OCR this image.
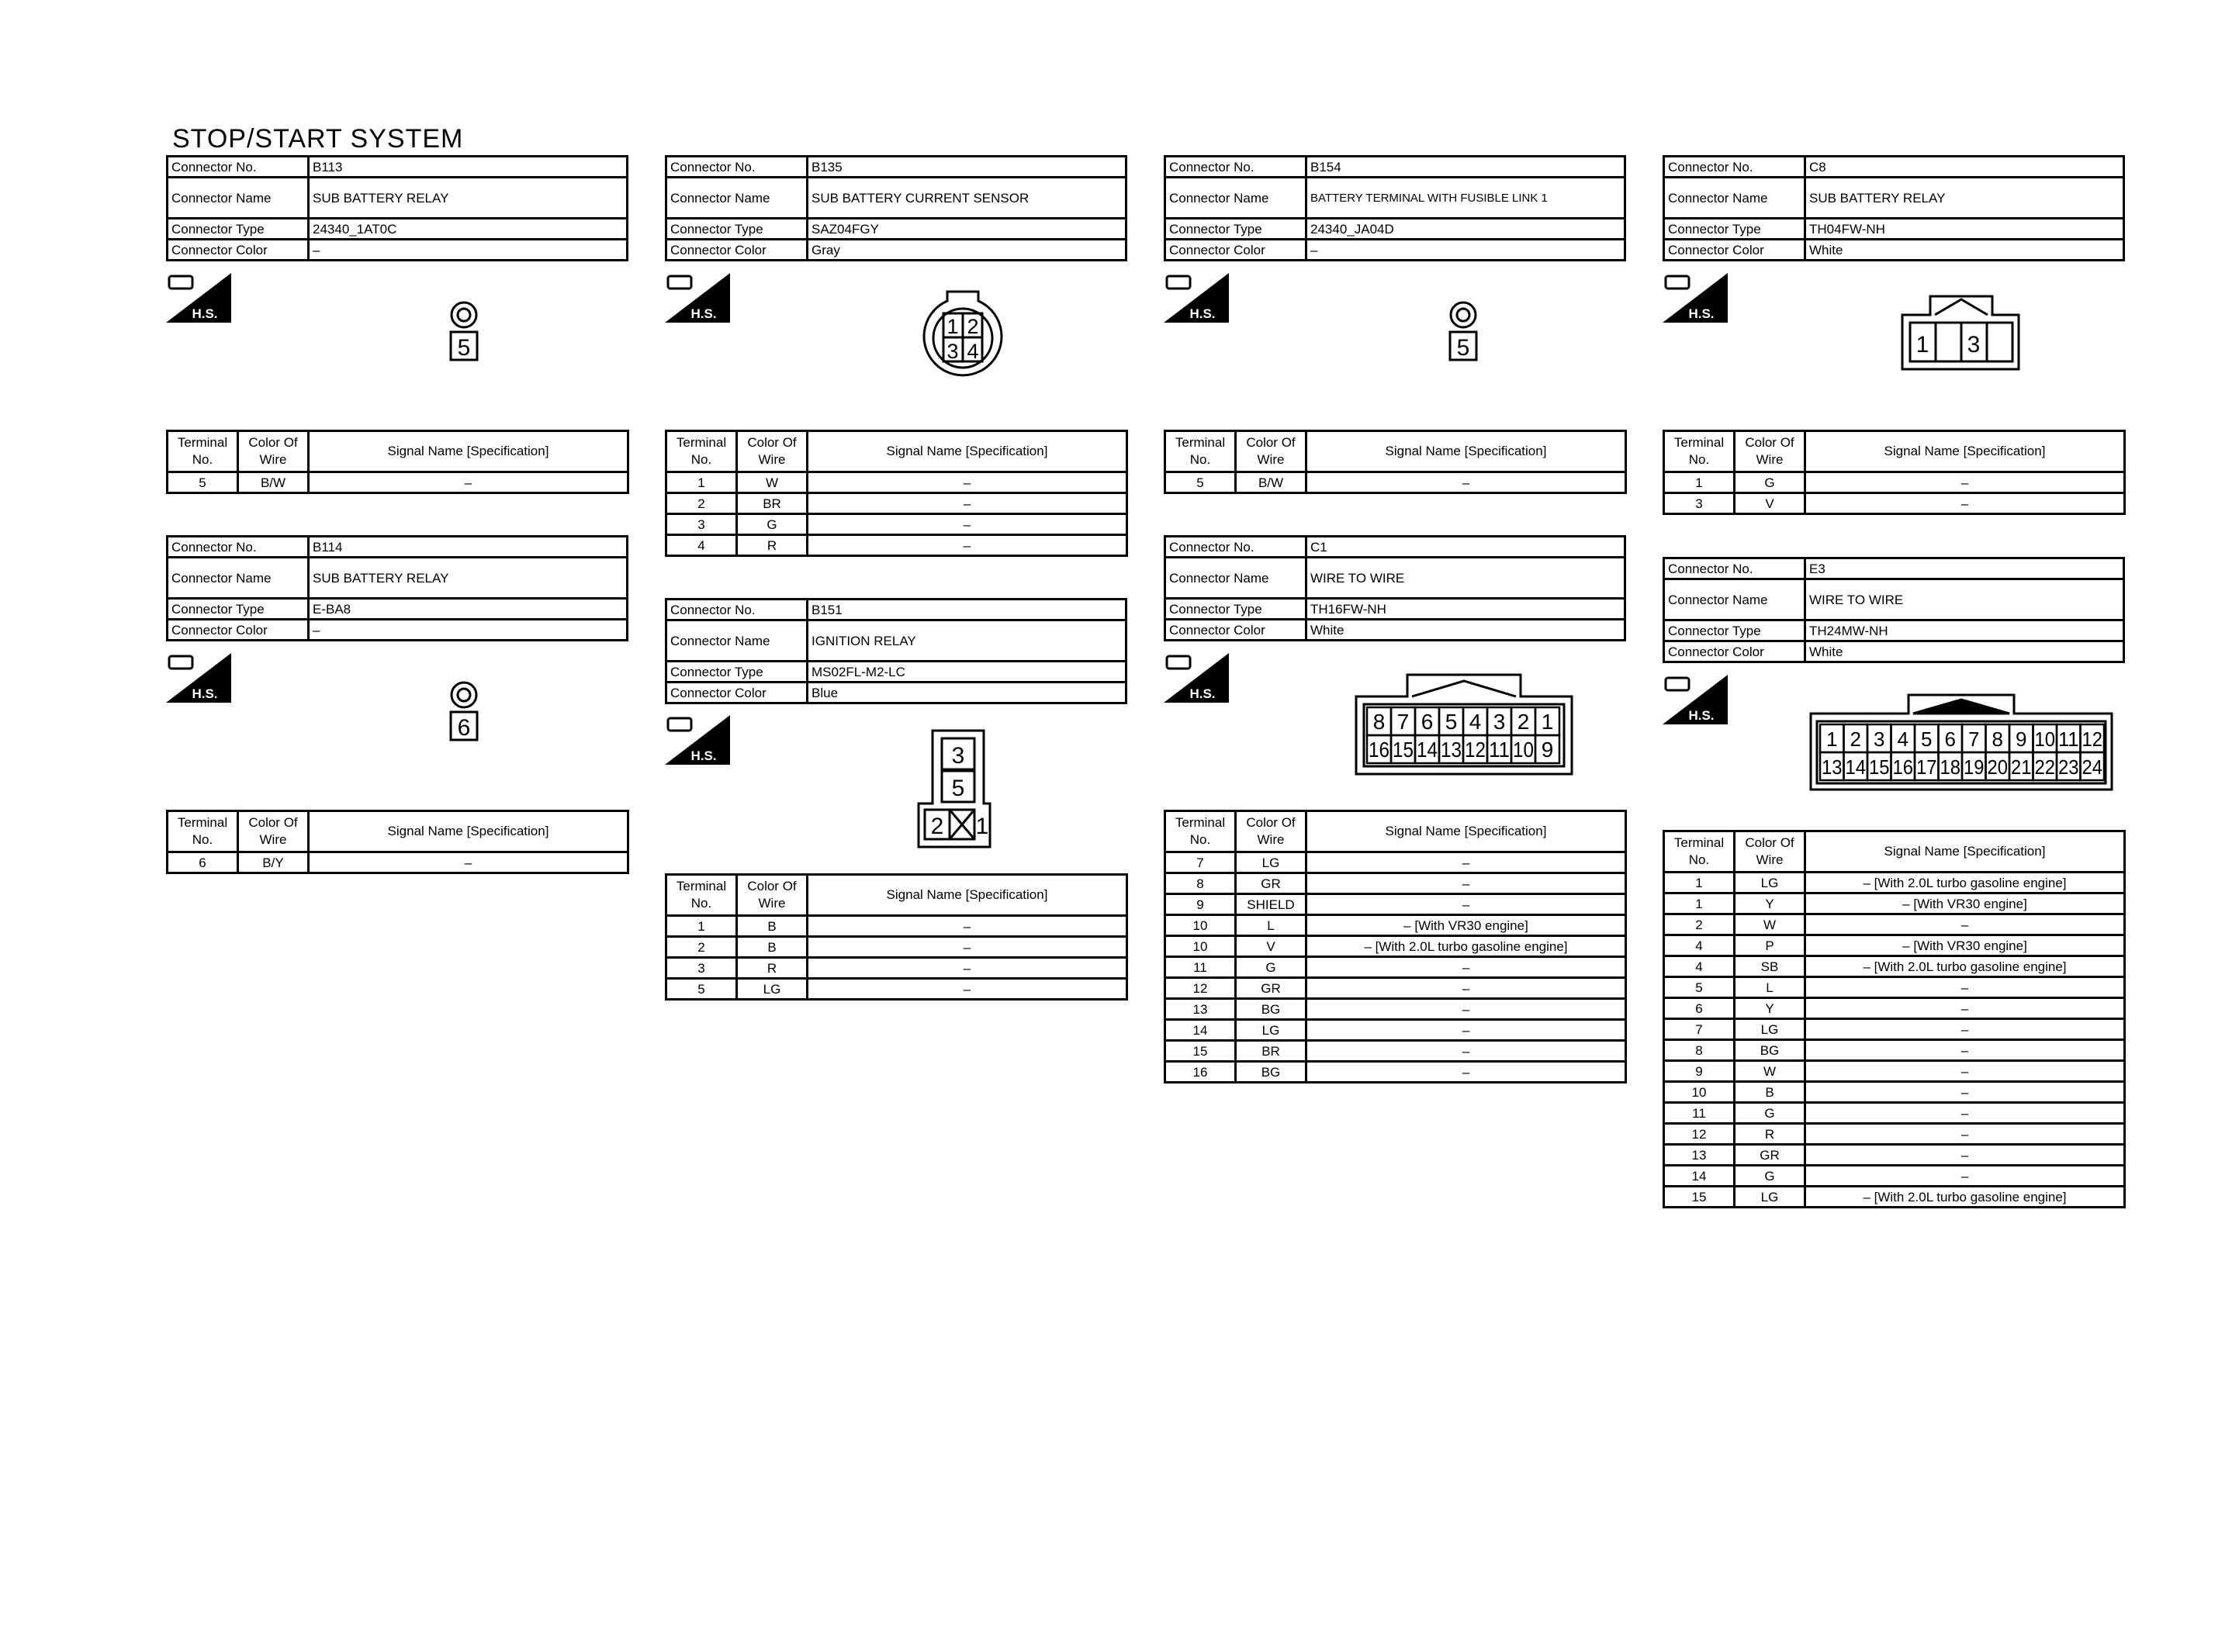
STOP/START SYSTEM
Connector No.	B113
Connector Name	SUB BATTERY RELAY
Connector Type	24340_1AT0C
Connector Color	–
H.S.
5
Terminal No.	Color Of Wire	Signal Name [Specification]
5	B/W	–
Connector No.	B114
Connector Name	SUB BATTERY RELAY
Connector Type	E-BA8
Connector Color	–
H.S.
6
Terminal No.	Color Of Wire	Signal Name [Specification]
6	B/Y	–
Connector No.	B135
Connector Name	SUB BATTERY CURRENT SENSOR
Connector Type	SAZ04FGY
Connector Color	Gray
H.S.
1 2
3 4
Terminal No.	Color Of Wire	Signal Name [Specification]
1	W	–
2	BR	–
3	G	–
4	R	–
Connector No.	B151
Connector Name	IGNITION RELAY
Connector Type	MS02FL-M2-LC
Connector Color	Blue
H.S.	3
5
2 1
Terminal No.	Color Of Wire	Signal Name [Specification]
1	B	–
2	B	–
3	R	–
5	LG	–
Connector No.	B154
Connector Name	BATTERY TERMINAL WITH FUSIBLE LINK 1
Connector Type	24340_JA04D
Connector Color	–
H.S.
5
Terminal No.	Color Of Wire	Signal Name [Specification]
5	B/W	–
Connector No.	C1
Connector Name	WIRE TO WIRE
Connector Type	TH16FW-NH
Connector Color	White
H.S.
8 7 6 5 4 3 2 1
16 15 14 13 12 11 10 9
Terminal No.	Color Of Wire	Signal Name [Specification]
7	LG	–
8	GR	–
9	SHIELD	–
10	L	– [With VR30 engine]
10	V	– [With 2.0L turbo gasoline engine]
11	G	–
12	GR	–
13	BG	–
14	LG	–
15	BR	–
16	BG	–
Connector No.	C8
Connector Name	SUB BATTERY RELAY
Connector Type	TH04FW-NH
Connector Color	White
H.S.
1 3
Terminal No.	Color Of Wire	Signal Name [Specification]
1	G	–
3	V	–
Connector No.	E3
Connector Name	WIRE TO WIRE
Connector Type	TH24MW-NH
Connector Color	White
H.S.
1 2 3 4 5 6 7 8 9 10 11 12
13 14 15 16 17 18 19 20 21 22 23 24
Terminal No.	Color Of Wire	Signal Name [Specification]
1	LG	– [With 2.0L turbo gasoline engine]
1	Y	– [With VR30 engine]
2	W	–
4	P	– [With VR30 engine]
4	SB	– [With 2.0L turbo gasoline engine]
5	L	–
6	Y	–
7	LG	–
8	BG	–
9	W	–
10	B	–
11	G	–
12	R	–
13	GR	–
14	G	–
15	LG	– [With 2.0L turbo gasoline engine]
